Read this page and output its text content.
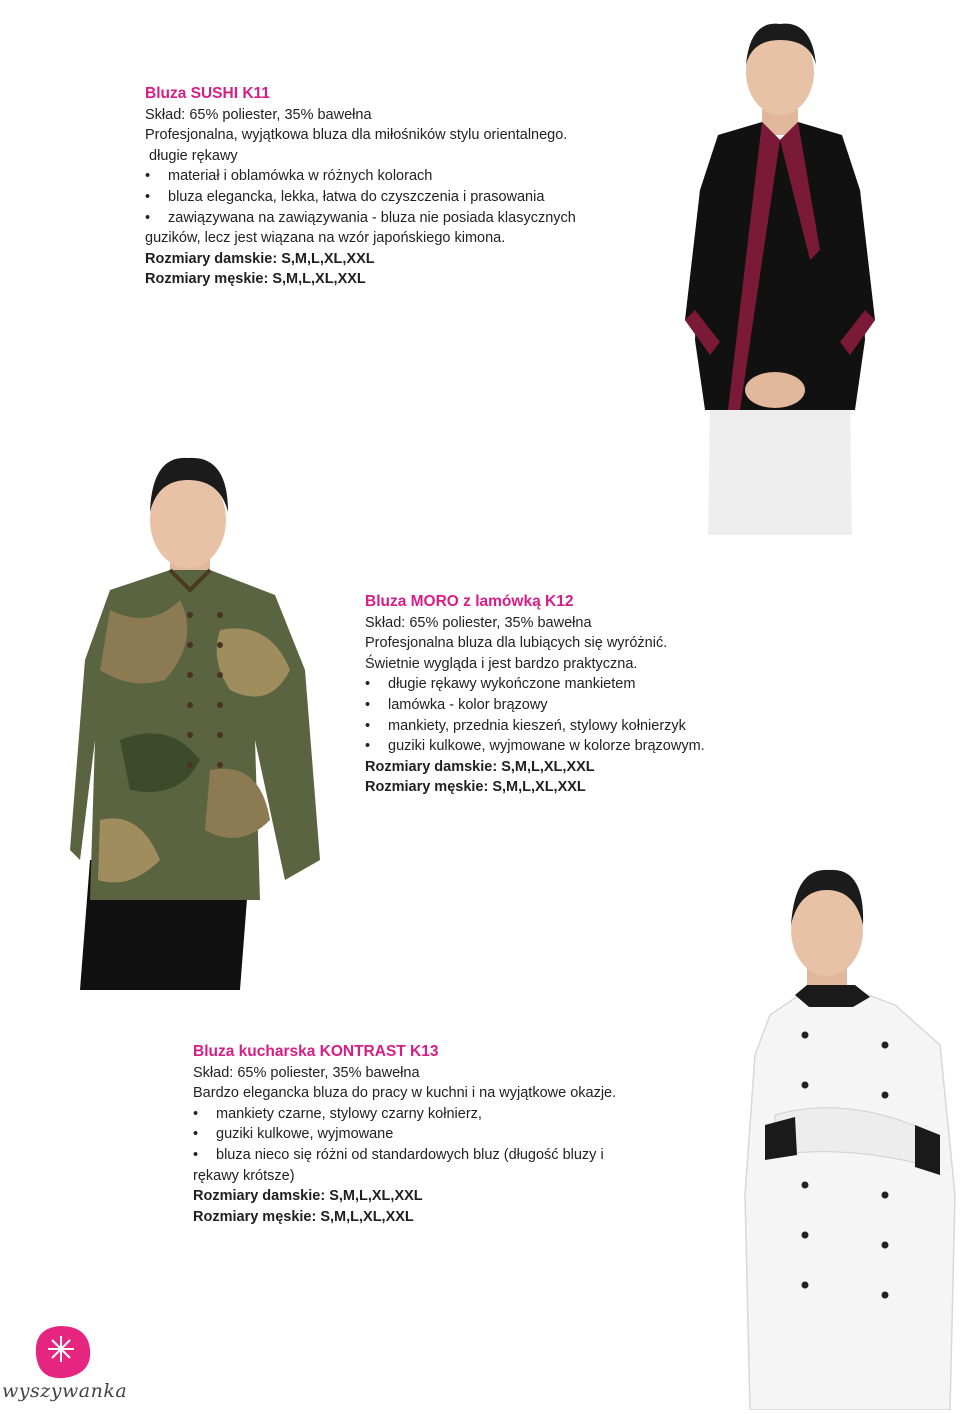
Bluza SUSHI K11
Skład: 65% poliester, 35% bawełna
Profesjonalna, wyjątkowa bluza dla miłośników stylu orientalnego.
długie rękawy
• materiał i oblamówka w różnych kolorach
• bluza elegancka, lekka, łatwa do czyszczenia i prasowania
• zawiązywana na zawiązywania - bluza nie posiada klasycznych
guzików, lecz jest wiązana na wzór japońskiego kimona.
Rozmiary damskie: S,M,L,XL,XXL
Rozmiary męskie: S,M,L,XL,XXL
Bluza MORO z lamówką K12
Skład: 65% poliester, 35% bawełna
Profesjonalna bluza dla lubiących się wyróżnić.
Świetnie wygląda i jest bardzo praktyczna.
• długie rękawy wykończone mankietem
• lamówka - kolor brązowy
• mankiety, przednia kieszeń, stylowy kołnierzyk
• guziki kulkowe, wyjmowane w kolorze brązowym.
Rozmiary damskie: S,M,L,XL,XXL
Rozmiary męskie: S,M,L,XL,XXL
Bluza kucharska KONTRAST K13
Skład: 65% poliester, 35% bawełna
Bardzo elegancka bluza do pracy w kuchni i na wyjątkowe okazje.
• mankiety czarne, stylowy czarny kołnierz,
• guziki kulkowe, wyjmowane
• bluza nieco się różni od standardowych bluz (długość bluzy i
rękawy krótsze)
Rozmiary damskie: S,M,L,XL,XXL
Rozmiary męskie: S,M,L,XL,XXL
wyszywanka
